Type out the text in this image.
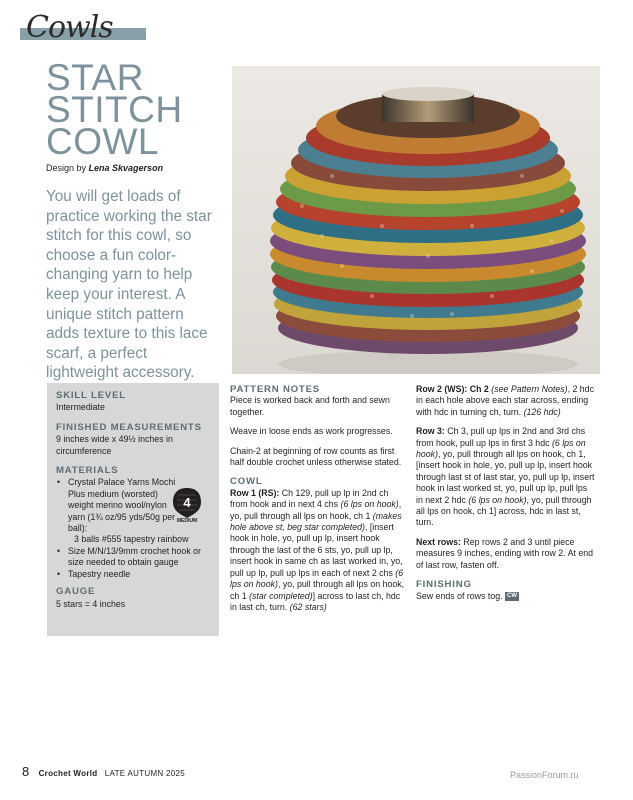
Cowls
STAR
STITCH
COWL
Design by Lena Skvagerson
You will get loads of practice working the star stitch for this cowl, so choose a fun color-changing yarn to help keep your interest. A unique stitch pattern adds texture to this lace scarf, a perfect lightweight accessory.
SKILL LEVEL

Intermediate

FINISHED MEASUREMENTS

9 inches wide x 49½ inches in circumference

MATERIALS
• Crystal Palace Yarns Mochi Plus medium (worsted) weight merino wool/nylon yarn (1¾ oz/95 yds/50g per ball):
3 balls #555 tapestry rainbow
• Size M/N/13/9mm crochet hook or size needed to obtain gauge
• Tapestry needle
GAUGE

5 stars = 4 inches

4
MEDIUM
PATTERN NOTES

Piece is worked back and forth and sewn together.

Weave in loose ends as work progresses.

Chain-2 at beginning of row counts as first half double crochet unless otherwise stated.

COWL

Row 1 (RS): Ch 129, pull up lp in 2nd ch from hook and in next 4 chs (6 lps on hook), yo, pull through all lps on hook, ch 1 (makes hole above st, beg star completed), [insert hook in hole, yo, pull up lp, insert hook through the last of the 6 sts, yo, pull up lp, insert hook in same ch as last worked in, yo, pull up lp, pull up lps in each of next 2 chs (6 lps on hook), yo, pull through all lps on hook, ch 1 (star completed)] across to last ch, hdc in last ch, turn. (62 stars)

Row 2 (WS): Ch 2 (see Pattern Notes), 2 hdc in each hole above each star across, ending with hdc in turning ch, turn. (126 hdc)

Row 3: Ch 3, pull up lps in 2nd and 3rd chs from hook, pull up lps in first 3 hdc (6 lps on hook), yo, pull through all lps on hook, ch 1, [insert hook in hole, yo, pull up lp, insert hook through last st of last star, yo, pull up lp, insert hook in last worked st, yo, pull up lp, pull lps in next 2 hdc (6 lps on hook), yo, pull through all lps on hook, ch 1] across, hdc in last st, turn.

Next rows: Rep rows 2 and 3 until piece measures 9 inches, ending with row 2. At end of last row, fasten off.

FINISHING

Sew ends of rows tog. CW

8 Crochet World LATE AUTUMN 2025	PassionForum.ru
